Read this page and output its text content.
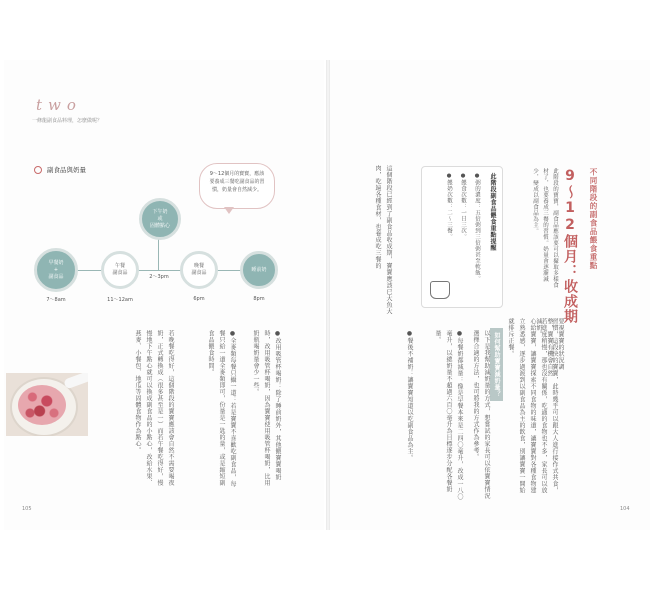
two
一條龍副食品料理，怎麼做呢？
副食品與奶量	9～12個月的寶寶，應該要養成三餐吃副食品的習慣，奶量會自然減少。
早餐奶
+
副食品
7～8am
午餐
副食品
11～12am
下午奶
或
固體點心
2～3pm
晚餐
副食品
6pm
睡前奶
8pm
●改用吸管杯喝奶：除了睡前奶外，其他餵寶寶喝奶時，改用吸管杯喝奶，因為寶寶使用吸管杯喝奶，比用奶瓶喝奶量會少一些。
●全麥類每餐只攝一道：若是寶寶不喜歡吃副食品，每餐只給一道全麥類即可，份量是一匙的量，或是縮短副食品餵食時間。
若晚餐吃得好，這個階段的寶寶應該會自然不需要喝夜奶，正式轉換成（很多甚至是一）而若午餐吃得好，慢慢地下午點心就可以換成副食品的小點心，改給水果、燕麥、小餐包、地瓜等固體食物作為點心。
105
不同階段的副食品餵食重點
9～12個月：收成期
此階段的寶寶，副食品應該要可以攝取多樣食材了，也要養成三餐的習慣。奶量會逐漸減少，變成以副食品為主。
此階段副食品餵食重點提醒
●粥的濃度：五倍粥到三倍粥甚至軟飯。
●餵食次數：一日三次。
●餵奶次數：二～三餐。
習慣，這段快的寶寶，此時幾乎可以跟大人進行接作式共食，若進度稍慢，那也沒有關係，吃適的食物也不多，家長可以放心給寶寶，讓寶寶探索不同食物的味道，讓寶寶對各種食物建立熟悉感，逐步過渡到以副食品為主的飲食，別讓寶寶一開始就排斥正餐。
如何幫助寶寶減奶量？
以下是我幫助減奶量的方式，想嘗試的家長可以依寶寶情況選擇合適的方法，也可將我的方式作為參考。
●每餐奶都減量：像是早餐本來是二四〇毫升，改成一八〇毫升，以總奶量不超過六百〇毫升為目標逐步分配各餐奶量。
●餐後不補奶：讓寶寶知道以吃副食品為主。
這個階段已經到了副食品收成期，寶寶應該已大魚大肉，吃遍各種食材，也養成吃三餐的
要視寶寶的狀況調整，寶寶有機會自然減奶。
104
